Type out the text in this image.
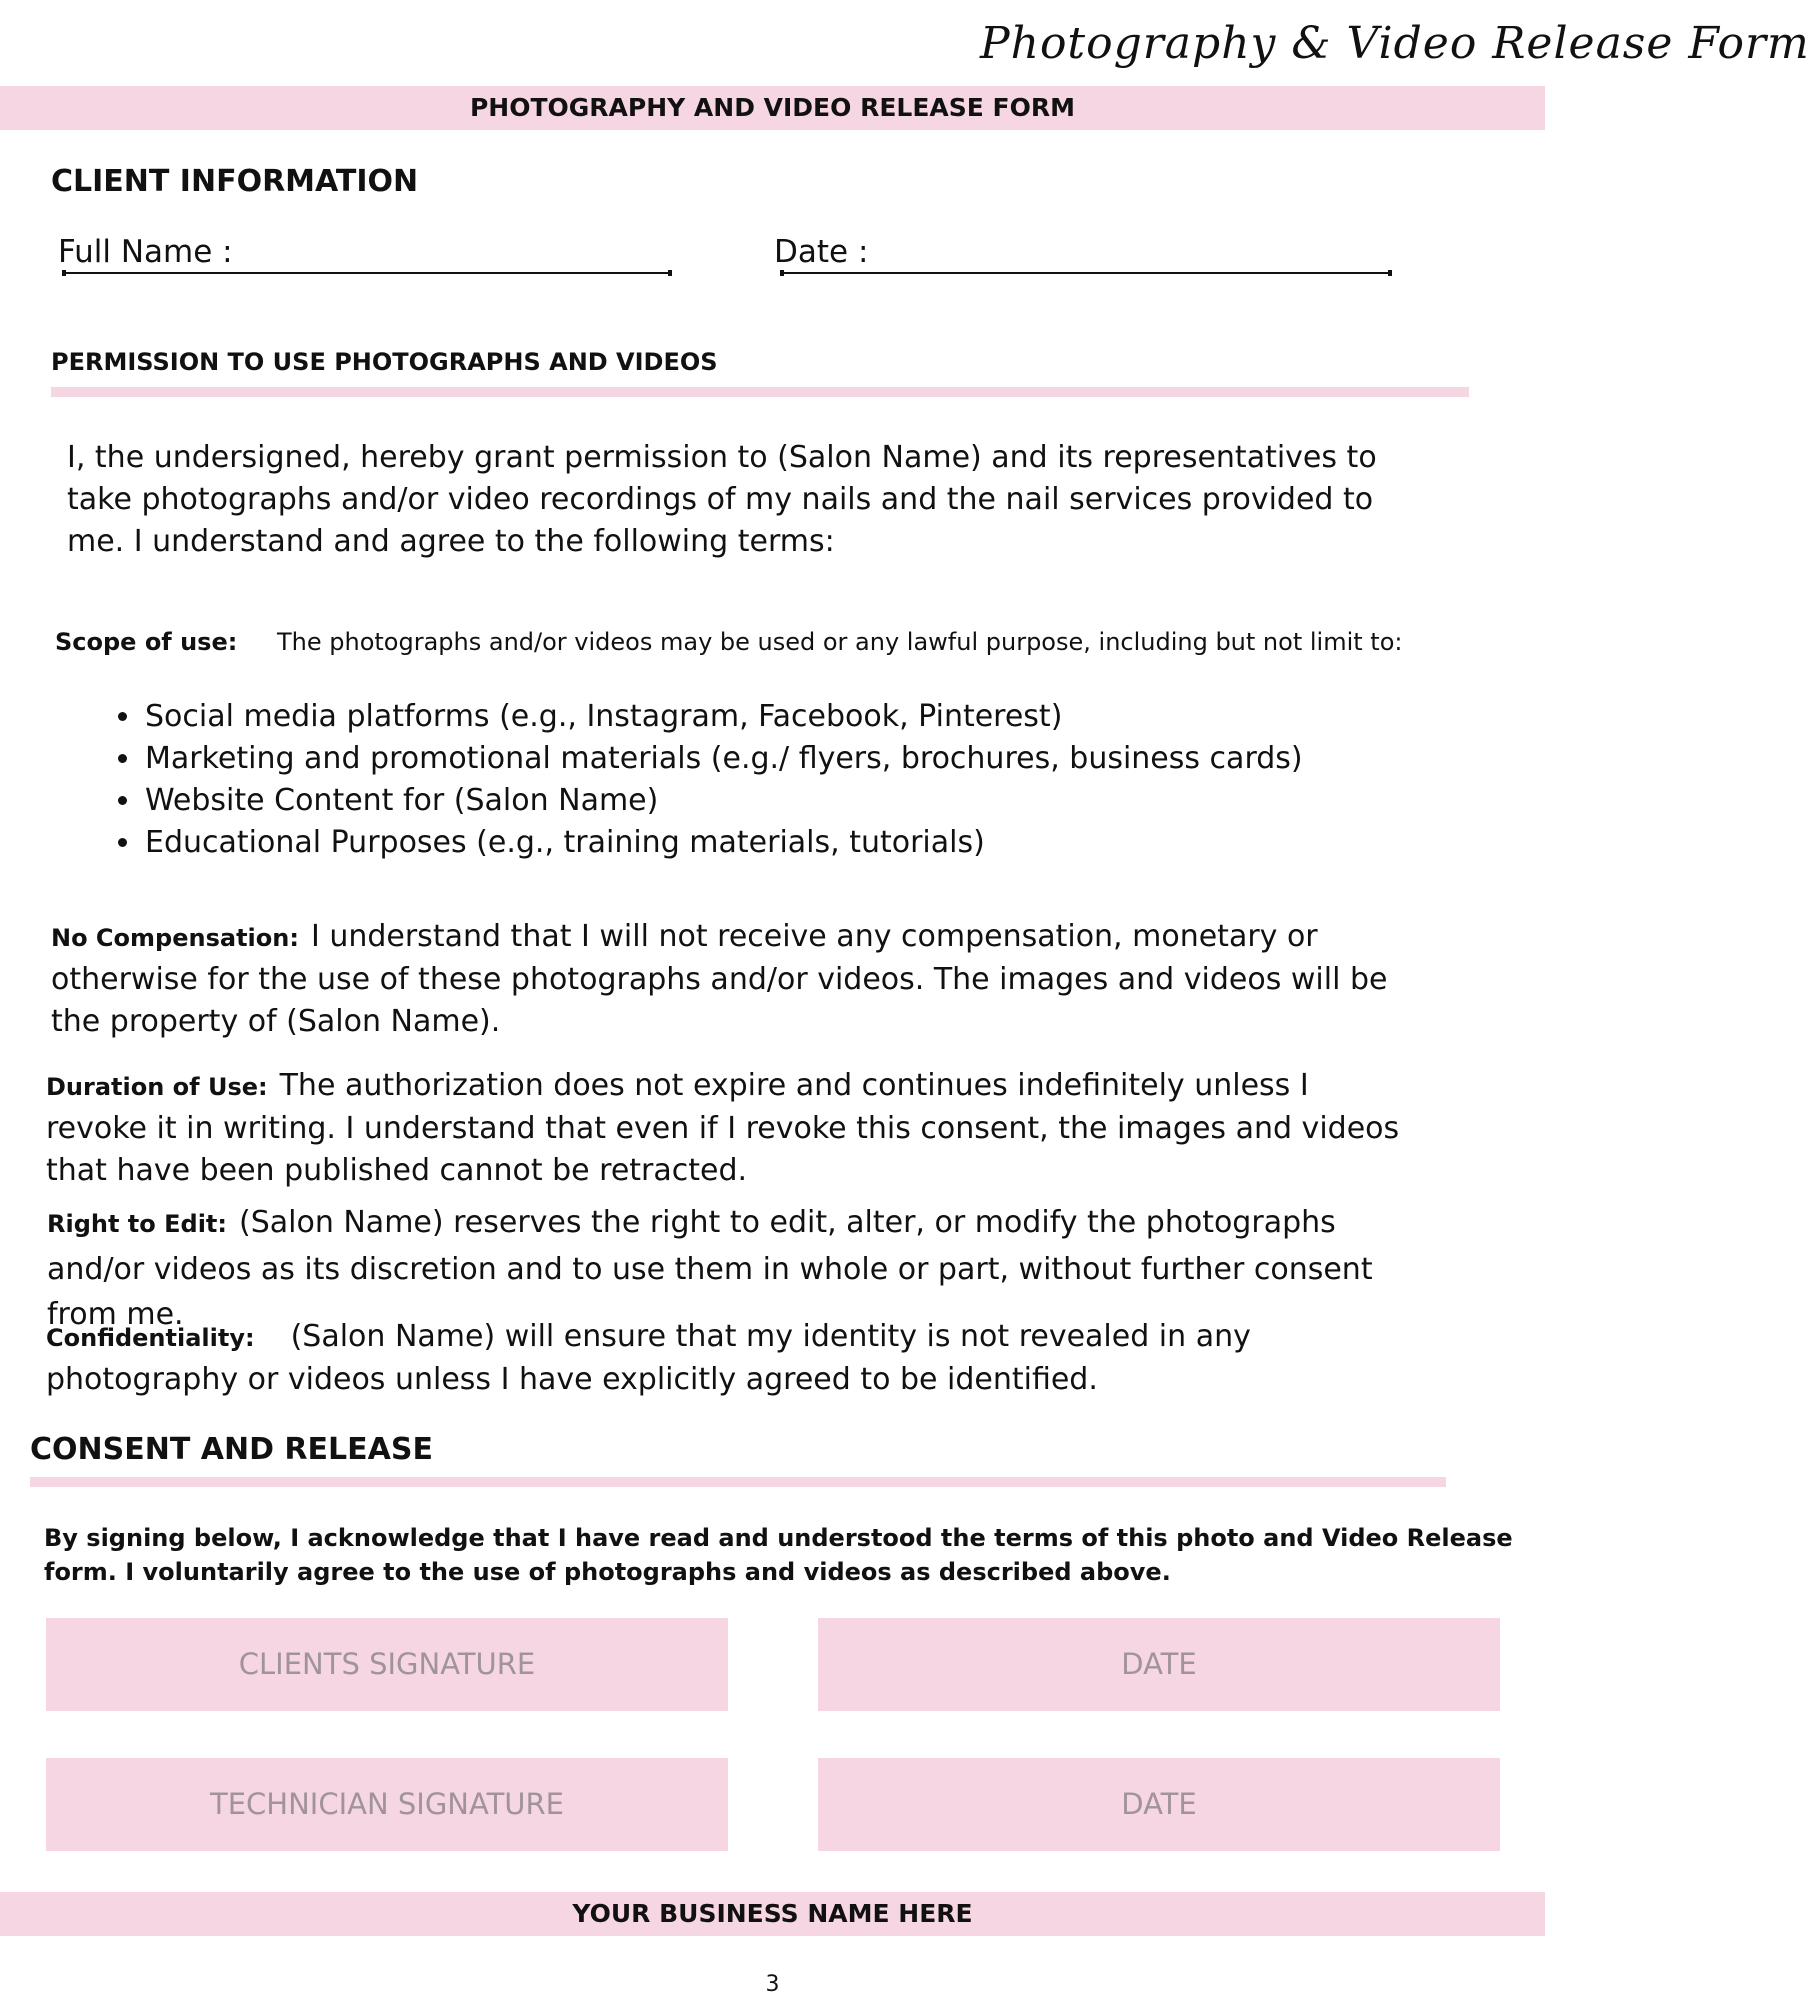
Photography & Video Release Form
PHOTOGRAPHY AND VIDEO RELEASE FORM
CLIENT INFORMATION
Full Name :	Date :
PERMISSION TO USE PHOTOGRAPHS AND VIDEOS
I, the undersigned, hereby grant permission to (Salon Name) and its representatives to take photographs and/or video recordings of my nails and the nail services provided to me. I understand and agree to the following terms:
Scope of use: The photographs and/or videos may be used or any lawful purpose, including but not limit to:
• Social media platforms (e.g., Instagram, Facebook, Pinterest)
• Marketing and promotional materials (e.g./ flyers, brochures, business cards)
• Website Content for (Salon Name)
• Educational Purposes (e.g., training materials, tutorials)
No Compensation: I understand that I will not receive any compensation, monetary or otherwise for the use of these photographs and/or videos. The images and videos will be the property of (Salon Name).
Duration of Use: The authorization does not expire and continues indefinitely unless I revoke it in writing. I understand that even if I revoke this consent, the images and videos that have been published cannot be retracted.
Right to Edit: (Salon Name) reserves the right to edit, alter, or modify the photographs and/or videos as its discretion and to use them in whole or part, without further consent from me.
Confidentiality: (Salon Name) will ensure that my identity is not revealed in any photography or videos unless I have explicitly agreed to be identified.
CONSENT AND RELEASE
By signing below, I acknowledge that I have read and understood the terms of this photo and Video Release form. I voluntarily agree to the use of photographs and videos as described above.
CLIENTS SIGNATURE	DATE
TECHNICIAN SIGNATURE	DATE
YOUR BUSINESS NAME HERE
3
